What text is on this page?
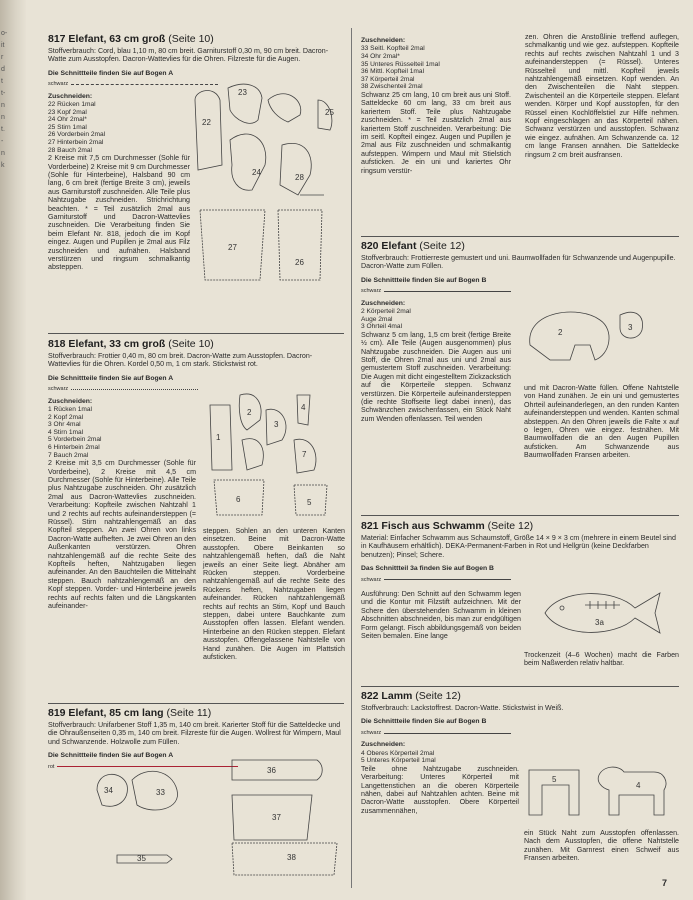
o-
it
r
d
t
t-
n
n
t.
-
n
k
817 Elefant, 63 cm groß (Seite 10)

Stoffverbrauch: Cord, blau 1,10 m, 80 cm breit. Garniturstoff 0,30 m, 90 cm breit. Dacron-Watte zum Ausstopfen. Dacron-Wattevlies für die Ohren. Filzreste für die Augen.

Die Schnittteile finden Sie auf Bogen A
schwarz
Zuschneiden:
22 Rücken 1mal
23 Kopf 2mal
24 Ohr 2mal*
25 Stirn 1mal
26 Vorderbein 2mal
27 Hinterbein 2mal
28 Bauch 2mal

2 Kreise mit 7,5 cm Durchmesser (Sohle für Vorderbeine) 2 Kreise mit 9 cm Durchmesser (Sohle für Hinterbeine), Halsband 90 cm lang, 6 cm breit (fertige Breite 3 cm), jeweils aus Garniturstoff zuschneiden. Alle Teile plus Nahtzugabe zuschneiden. Strichrichtung beachten. * = Teil zusätzlich 2mal aus Garniturstoff und Dacron-Wattevlies zuschneiden. Die Verarbeitung finden Sie beim Elefant Nr. 818, jedoch die im Kopf eingez. Augen und Pupillen je 2mal aus Filz zuschneiden und aufnähen. Halsband verstürzen und ringsum schmalkantig absteppen.

22
23
24
25
26
27
28
818 Elefant, 33 cm groß (Seite 10)

Stoffverbrauch: Frottier 0,40 m, 80 cm breit. Dacron-Watte zum Ausstopfen. Dacron-Wattevlies für die Ohren. Kordel 0,50 m, 1 cm stark. Stickstwist rot.

Die Schnittteile finden Sie auf Bogen A
schwarz
Zuschneiden:
1 Rücken 1mal
2 Kopf 2mal
3 Ohr 4mal
4 Stirn 1mal
5 Vorderbein 2mal
6 Hinterbein 2mal
7 Bauch 2mal

2 Kreise mit 3,5 cm Durchmesser (Sohle für Vorderbeine), 2 Kreise mit 4,5 cm Durchmesser (Sohle für Hinterbeine). Alle Teile plus Nahtzugabe zuschneiden. Ohr zusätzlich 2mal aus Dacron-Wattevlies zuschneiden. Verarbeitung: Kopfteile zwischen Nahtzahl 1 und 2 rechts auf rechts aufeinandersteppen (= Rüssel). Stirn nahtzahlengemäß an das Kopfteil steppen. An zwei Ohren von links Dacron-Watte aufheften. Je zwei Ohren an den Außenkanten verstürzen. Ohren nahtzahlengemäß auf die rechte Seite des Kopfteils heften, Nahtzugaben liegen aufeinander. An den Bauchteilen die Mittelnaht steppen. Bauch nahtzahlengemäß an den Kopf steppen. Vorder- und Hinterbeine jeweils rechts auf rechts falten und die Längskanten aufeinander-

1
2
3
4
5
6
7
steppen. Sohlen an den unteren Kanten einsetzen. Beine mit Dacron-Watte ausstopfen. Obere Beinkanten so nahtzahlengemäß heften, daß die Naht jeweils an einer Seite liegt. Abnäher am Rücken steppen. Vorderbeine nahtzahlengemäß auf die rechte Seite des Rückens heften, Nahtzugaben liegen aufeinander. Rücken nahtzahlengemäß rechts auf rechts an Stirn, Kopf und Bauch steppen, dabei untere Bauchkante zum Ausstopfen offen lassen. Elefant wenden. Hinterbeine an den Rücken steppen. Elefant ausstopfen. Offengelassene Nahtstelle von Hand zunähen. Die Augen im Plattstich aufsticken.
819 Elefant, 85 cm lang (Seite 11)

Stoffverbrauch: Unifarbener Stoff 1,35 m, 140 cm breit. Karierter Stoff für die Satteldecke und die Ohraußenseiten 0,35 m, 140 cm breit. Filzreste für die Augen. Wollrest für Wimpern, Maul und Schwanzende. Holzwolle zum Füllen.

Die Schnittteile finden Sie auf Bogen A
rot
33
34
35
36
37
38
Zuschneiden:
33 Seitl. Kopfteil 2mal
34 Ohr 2mal*
35 Unteres Rüsselteil 1mal
36 Mittl. Kopfteil 1mal
37 Körperteil 2mal
38 Zwischenteil 2mal

Schwanz 25 cm lang, 10 cm breit aus uni Stoff. Satteldecke 60 cm lang, 33 cm breit aus kariertem Stoff. Teile plus Nahtzugabe zuschneiden. * = Teil zusätzlich 2mal aus kariertem Stoff zuschneiden. Verarbeitung: Die im seitl. Kopfteil eingez. Augen und Pupillen je 2mal aus Filz zuschneiden und schmalkantig aufsteppen. Wimpern und Maul mit Stielstich aufsticken. Je ein uni und kariertes Ohr ringsum verstür-

zen. Ohren die Anstoßlinie treffend auflegen, schmalkantig und wie gez. aufsteppen. Kopfteile rechts auf rechts zwischen Nahtzahl 1 und 3 aufeinandersteppen (= Rüssel). Unteres Rüsselteil und mittl. Kopfteil jeweils nahtzahlengemäß einsetzen. Kopf wenden. An den Zwischenteilen die Naht steppen. Zwischenteil an die Körperteile steppen. Elefant wenden. Körper und Kopf ausstopfen, für den Rüssel einen Kochlöffelstiel zur Hilfe nehmen. Kopf eingeschlagen an das Körperteil nähen. Schwanz verstürzen und ausstopfen. Schwanz wie eingez. aufnähen. Am Schwanzende ca. 12 cm lange Fransen annähen. Die Satteldecke ringsum 2 cm breit ausfransen.
820 Elefant (Seite 12)

Stoffverbrauch: Frottierreste gemustert und uni. Baumwollfaden für Schwanzende und Augenpupille. Dacron-Watte zum Füllen.

Die Schnittteile finden Sie auf Bogen B
schwarz
Zuschneiden:
2 Körperteil 2mal
Auge 2mal
3 Ohrteil 4mal

Schwanz 5 cm lang, 1,5 cm breit (fertige Breite ½ cm). Alle Teile (Augen ausgenommen) plus Nahtzugabe zuschneiden. Die Augen aus uni Stoff, die Ohren 2mal aus uni und 2mal aus gemustertem Stoff zuschneiden. Verarbeitung: Die Augen mit dicht eingestelltem Zickzackstich auf die Körperteile steppen. Schwanz verstürzen. Die Körperteile aufeinandersteppen (die rechte Stoffseite liegt dabei innen), das Schwänzchen zwischenfassen, ein Stück Naht zum Wenden offenlassen. Teil wenden

2
3
und mit Dacron-Watte füllen. Offene Nahtstelle von Hand zunähen. Je ein uni und gemustertes Ohrteil aufeinanderlegen, an den runden Kanten aufeinandersteppen und wenden. Kanten schmal absteppen. An den Ohren jeweils die Falte x auf o legen, Ohren wie eingez. festnähen. Mit Baumwollfaden die an den Augen Pupillen aufsticken. Am Schwanzende aus Baumwollfaden Fransen arbeiten.
821 Fisch aus Schwamm (Seite 12)

Material: Einfacher Schwamm aus Schaumstoff, Größe 14 × 9 × 3 cm (mehrere in einem Beutel sind in Kaufhäusern erhältlich). DEKA-Permanent-Farben in Rot und Hellgrün (keine Deckfarben benutzen); Pinsel; Schere.

Das Schnittteil 3a finden Sie auf Bogen B
schwarz

Ausführung: Den Schnitt auf den Schwamm legen und die Kontur mit Filzstift aufzeichnen. Mit der Schere den überstehenden Schwamm in kleinen Abschnitten abschneiden, bis man zur endgültigen Form gelangt. Fisch abbildungsgemäß von beiden Seiten bemalen. Eine lange

3a
Trockenzeit (4–6 Wochen) macht die Farben beim Naßwerden relativ haltbar.
822 Lamm (Seite 12)

Stoffverbrauch: Lackstoffrest. Dacron-Watte. Stickstwist in Weiß.

Die Schnittteile finden Sie auf Bogen B
schwarz
Zuschneiden:
4 Oberes Körperteil 2mal
5 Unteres Körperteil 1mal

Teile ohne Nahtzugabe zuschneiden. Verarbeitung: Unteres Körperteil mit Langettenstichen an die oberen Körperteile nähen, dabei auf Nahtzahlen achten. Beine mit Dacron-Watte ausstopfen. Obere Körperteil zusammennähen,

5
4
ein Stück Naht zum Ausstopfen offenlassen. Nach dem Ausstopfen, die offene Nahtstelle zunähen. Mit Garnrest einen Schweif aus Fransen arbeiten.
7
